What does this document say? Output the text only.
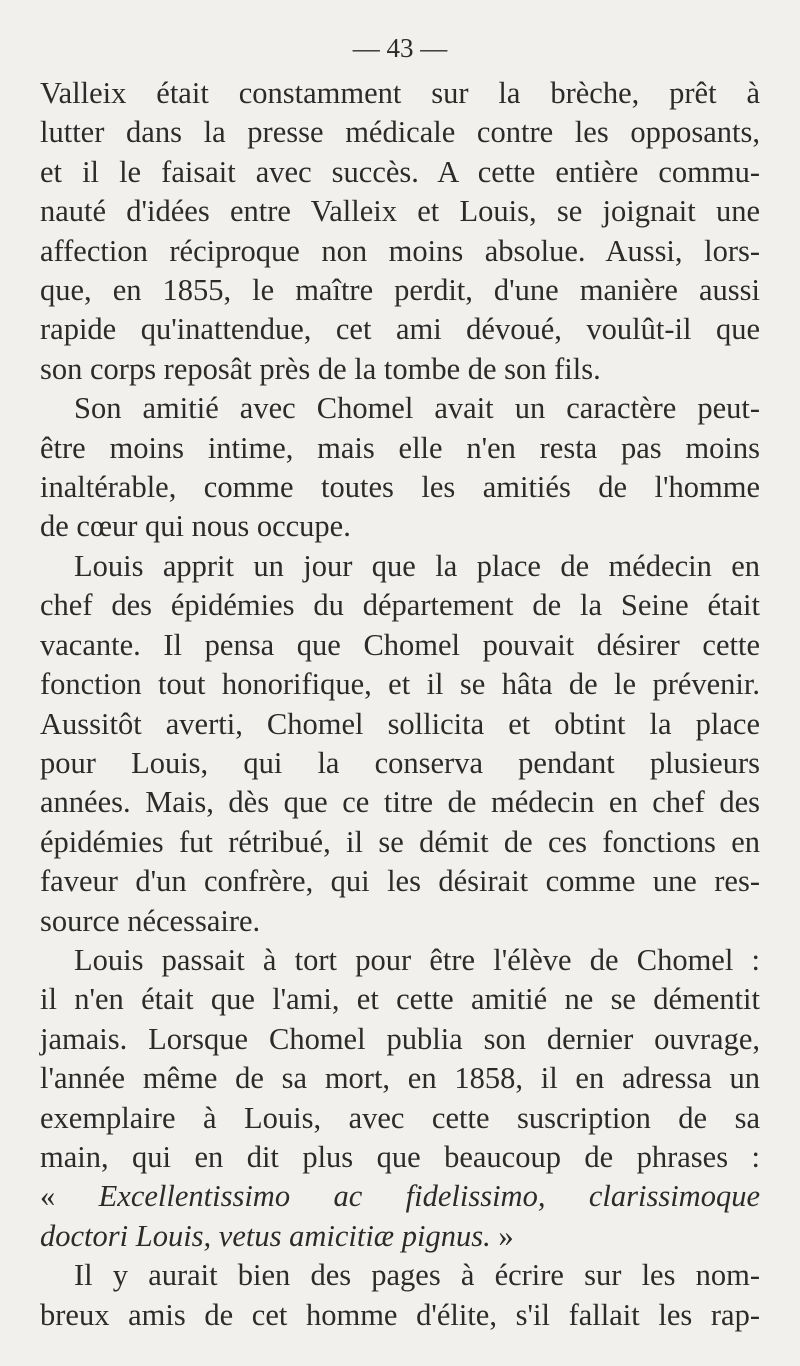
— 43 —

Valleix était constamment sur la brèche, prêt à
lutter dans la presse médicale contre les opposants,
et il le faisait avec succès. A cette entière commu-
nauté d'idées entre Valleix et Louis, se joignait une
affection réciproque non moins absolue. Aussi, lors-
que, en 1855, le maître perdit, d'une manière aussi
rapide qu'inattendue, cet ami dévoué, voulût-il que
son corps reposât près de la tombe de son fils.

Son amitié avec Chomel avait un caractère peut-
être moins intime, mais elle n'en resta pas moins
inaltérable, comme toutes les amitiés de l'homme
de cœur qui nous occupe.

Louis apprit un jour que la place de médecin en
chef des épidémies du département de la Seine était
vacante. Il pensa que Chomel pouvait désirer cette
fonction tout honorifique, et il se hâta de le prévenir.
Aussitôt averti, Chomel sollicita et obtint la place
pour Louis, qui la conserva pendant plusieurs
années. Mais, dès que ce titre de médecin en chef des
épidémies fut rétribué, il se démit de ces fonctions en
faveur d'un confrère, qui les désirait comme une res-
source nécessaire.

Louis passait à tort pour être l'élève de Chomel :
il n'en était que l'ami, et cette amitié ne se démentit
jamais. Lorsque Chomel publia son dernier ouvrage,
l'année même de sa mort, en 1858, il en adressa un
exemplaire à Louis, avec cette suscription de sa
main, qui en dit plus que beaucoup de phrases :
« Excellentissimo ac fidelissimo, clarissimoque
doctori Louis, vetus amicitiæ pignus. »

Il y aurait bien des pages à écrire sur les nom-
breux amis de cet homme d'élite, s'il fallait les rap-
